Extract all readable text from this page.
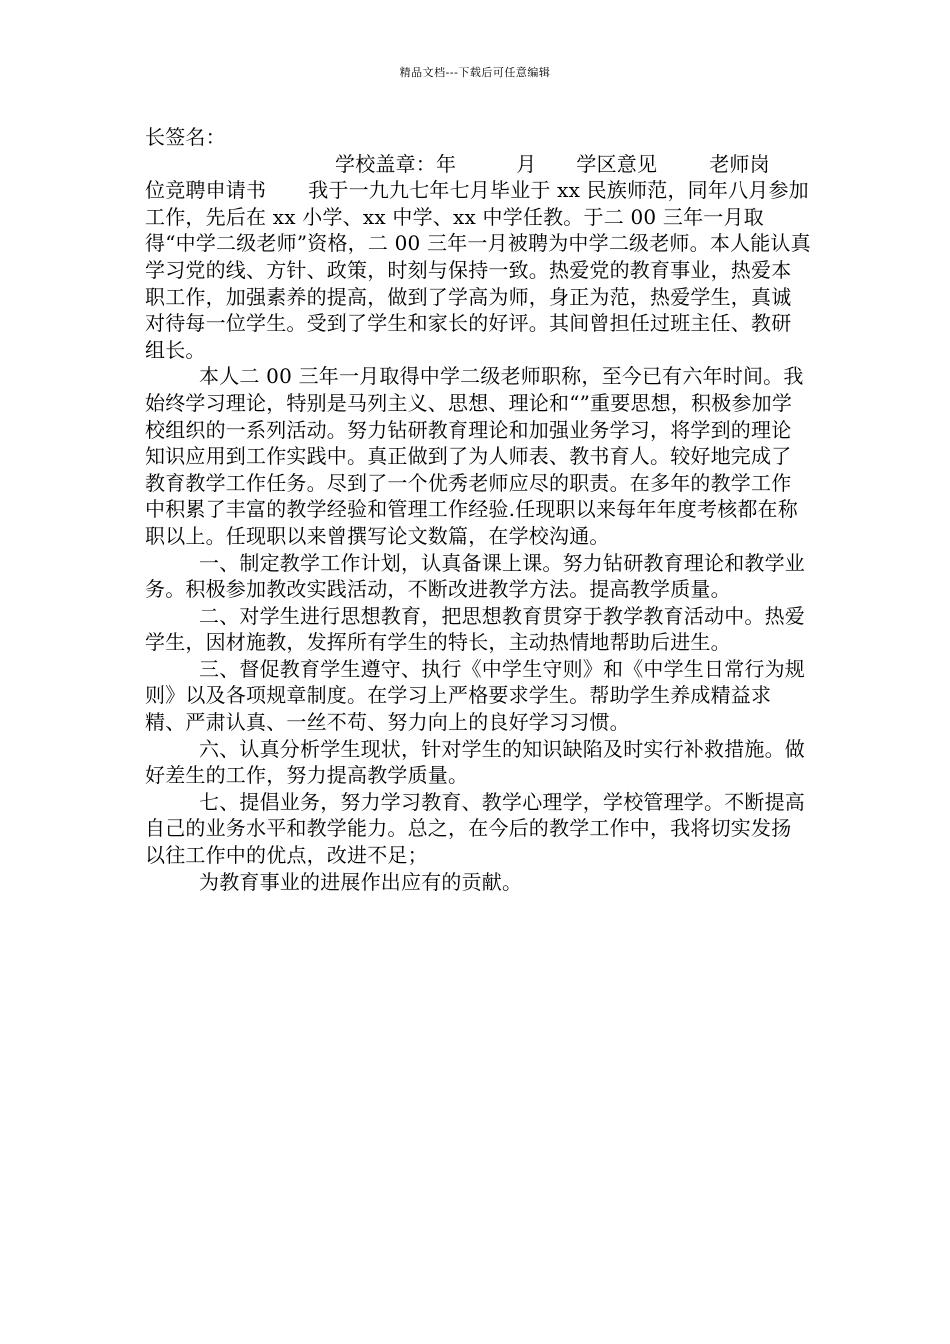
精品文档---下载后可任意编辑

长签名：

学校盖章：年	月 学区意见	老师岗

位竞聘申请书 我于一九九七年七月毕业于 xx 民族师范，同年八月参加工作，先后在 xx 小学、xx 中学、xx 中学任教。于二 00 三年一月取得“中学二级老师”资格，二 00 三年一月被聘为中学二级老师。本人能认真学习党的线、方针、政策，时刻与保持一致。热爱党的教育事业，热爱本职工作，加强素养的提高，做到了学高为师，身正为范，热爱学生，真诚对待每一位学生。受到了学生和家长的好评。其间曾担任过班主任、教研组长。

本人二 00 三年一月取得中学二级老师职称，至今已有六年时间。我始终学习理论，特别是马列主义、思想、理论和“”重要思想，积极参加学校组织的一系列活动。努力钻研教育理论和加强业务学习，将学到的理论知识应用到工作实践中。真正做到了为人师表、教书育人。较好地完成了教育教学工作任务。尽到了一个优秀老师应尽的职责。在多年的教学工作中积累了丰富的教学经验和管理工作经验.任现职以来每年年度考核都在称职以上。任现职以来曾撰写论文数篇，在学校沟通。

一、制定教学工作计划，认真备课上课。努力钻研教育理论和教学业务。积极参加教改实践活动，不断改进教学方法。提高教学质量。

二、对学生进行思想教育，把思想教育贯穿于教学教育活动中。热爱学生，因材施教，发挥所有学生的特长，主动热情地帮助后进生。

三、督促教育学生遵守、执行《中学生守则》和《中学生日常行为规则》以及各项规章制度。在学习上严格要求学生。帮助学生养成精益求精、严肃认真、一丝不苟、努力向上的良好学习习惯。

六、认真分析学生现状，针对学生的知识缺陷及时实行补救措施。做好差生的工作，努力提高教学质量。

七、提倡业务，努力学习教育、教学心理学，学校管理学。不断提高自己的业务水平和教学能力。总之，在今后的教学工作中，我将切实发扬以往工作中的优点，改进不足；

为教育事业的进展作出应有的贡献。
